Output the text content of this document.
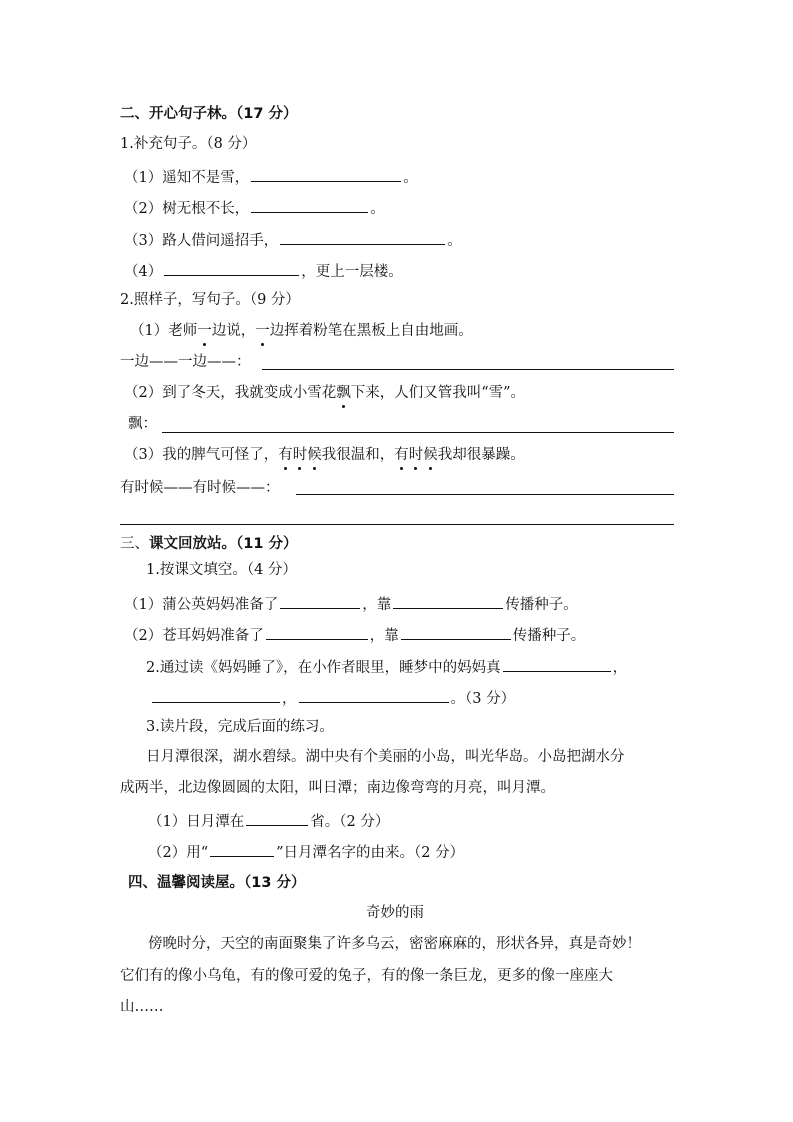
二、开心句子林。（17 分）
1.补充句子。（8 分）
（1）遥知不是雪，	。
（2）树无根不长，	。
（3）路人借问遥招手，	。
（4）	，更上一层楼。
2.照样子，写句子。（9 分）
（1）老师一边说，一边挥着粉笔在黑板上自由地画。
一边——一边——：
（2）到了冬天，我就变成小雪花飘下来，人们又管我叫“雪”。
飘：
（3）我的脾气可怪了，有时候我很温和，有时候我却很暴躁。
有时候——有时候——：
三、课文回放站。（11 分）
1.按课文填空。（4 分）
（1）蒲公英妈妈准备了	，靠	传播种子。
（2）苍耳妈妈准备了	，靠	传播种子。
2.通过读《妈妈睡了》，在小作者眼里，睡梦中的妈妈真	，
，	。（3 分）
3.读片段，完成后面的练习。
日月潭很深，湖水碧绿。湖中央有个美丽的小岛，叫光华岛。小岛把湖水分
成两半，北边像圆圆的太阳，叫日潭；南边像弯弯的月亮，叫月潭。
（1）日月潭在	省。（2 分）
（2）用“	”日月潭名字的由来。（2 分）
四、温馨阅读屋。（13 分）
奇妙的雨
傍晚时分，天空的南面聚集了许多乌云，密密麻麻的，形状各异，真是奇妙！
它们有的像小乌龟，有的像可爱的兔子，有的像一条巨龙，更多的像一座座大
山……
